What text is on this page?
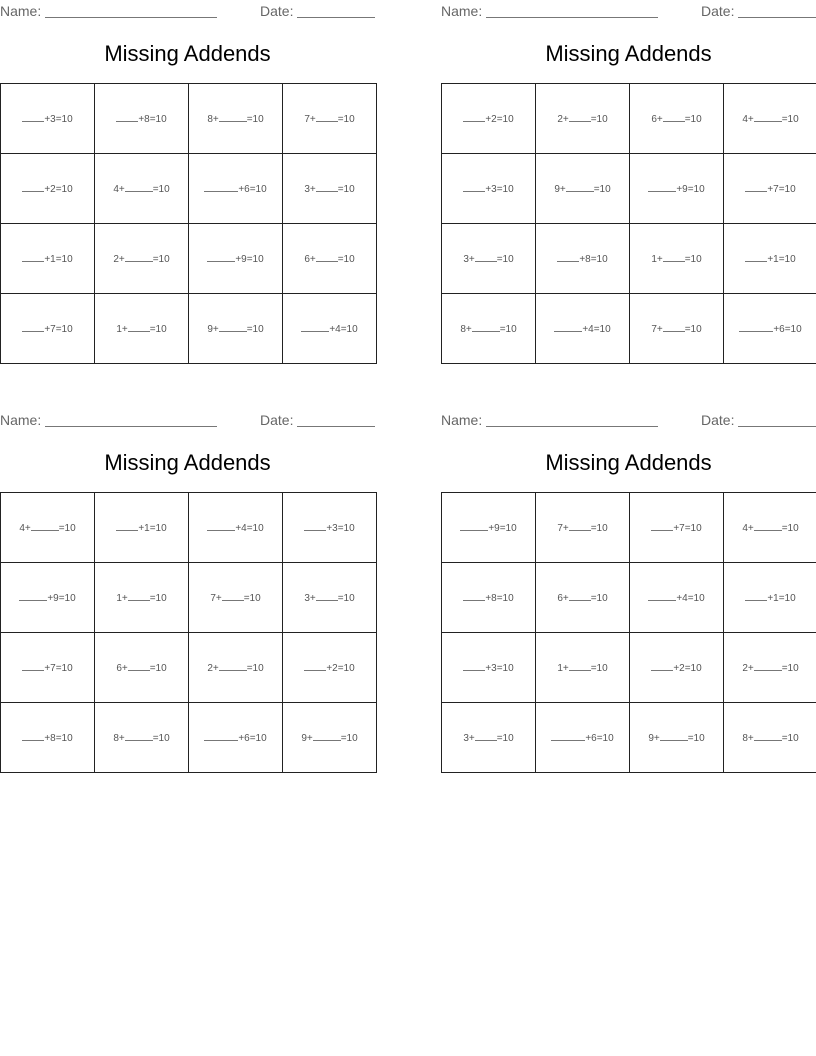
Name:	Date:
Missing Addends
+3=10	+8=10	8+ =10	7+ =10
+2=10	4+ =10	+6=10	3+ =10
+1=10	2+ =10	+9=10	6+ =10
+7=10	1+ =10	9+ =10	+4=10
Name:	Date:
Missing Addends
+2=10	2+ =10	6+ =10	4+ =10
+3=10	9+ =10	+9=10	+7=10
3+ =10	+8=10	1+ =10	+1=10
8+ =10	+4=10	7+ =10	+6=10
Name:	Date:
Missing Addends
4+ =10	+1=10	+4=10	+3=10
+9=10	1+ =10	7+ =10	3+ =10
+7=10	6+ =10	2+ =10	+2=10
+8=10	8+ =10	+6=10	9+ =10
Name:	Date:
Missing Addends
+9=10	7+ =10	+7=10	4+ =10
+8=10	6+ =10	+4=10	+1=10
+3=10	1+ =10	+2=10	2+ =10
3+ =10	+6=10	9+ =10	8+ =10
